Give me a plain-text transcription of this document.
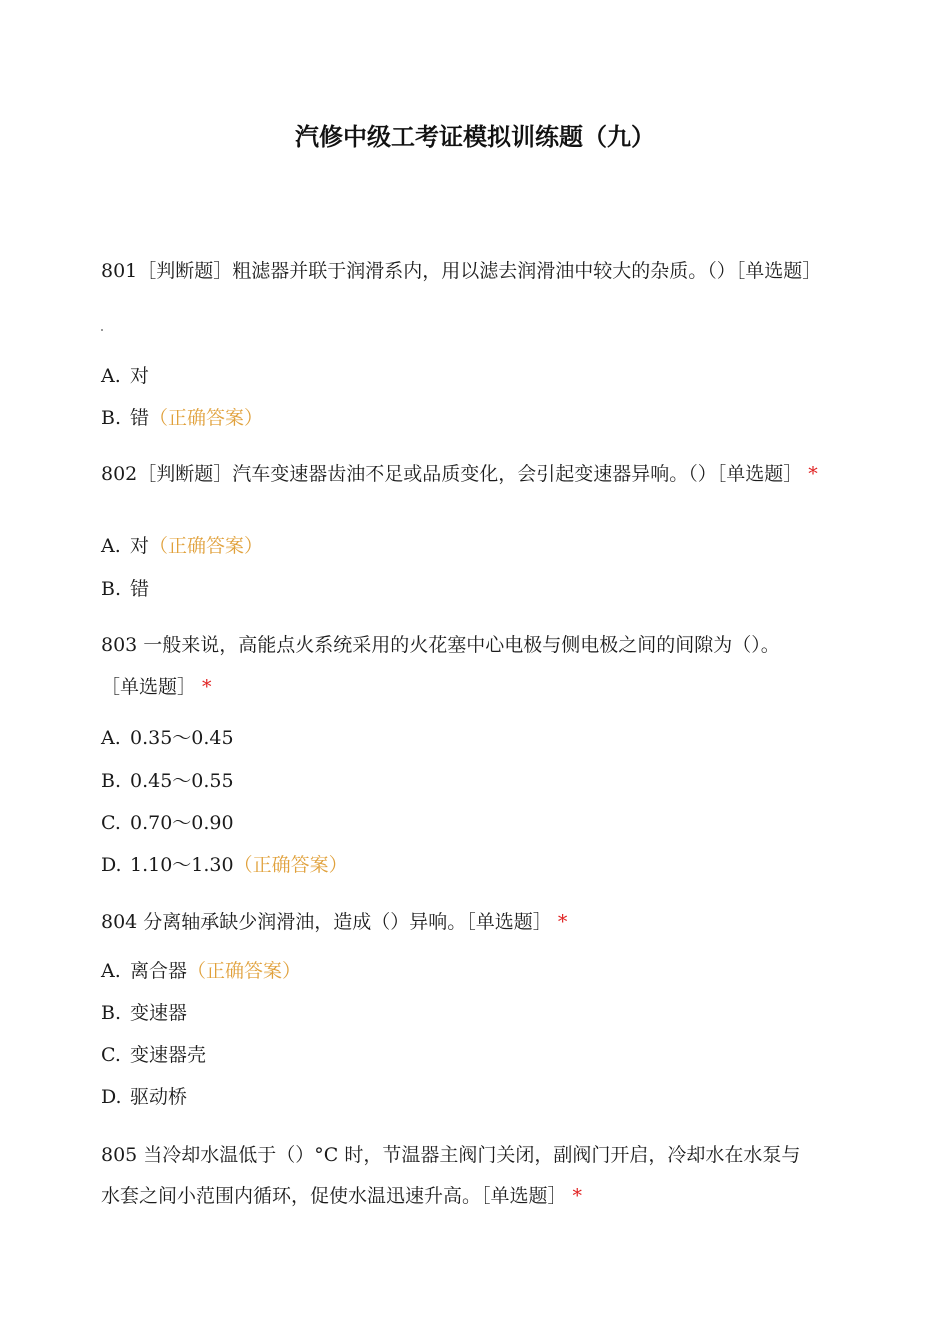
汽修中级工考证模拟训练题（九）
801［判断题］粗滤器并联于润滑系内，用以滤去润滑油中较大的杂质。（）［单选题］
A. 对
B. 错（正确答案）
802［判断题］汽车变速器齿油不足或品质变化，会引起变速器异响。（）［单选题］ *
A. 对（正确答案）
B. 错
803 一般来说，高能点火系统采用的火花塞中心电极与侧电极之间的间隙为（）。
［单选题］ *
A. 0.35〜0.45
B. 0.45〜0.55
C. 0.70〜0.90
D. 1.10〜1.30（正确答案）
804 分离轴承缺少润滑油，造成（）异响。［单选题］ *
A. 离合器（正确答案）
B. 变速器
C. 变速器壳
D. 驱动桥
805 当冷却水温低于（）°C 时，节温器主阀门关闭，副阀门开启，冷却水在水泵与
水套之间小范围内循环，促使水温迅速升高。［单选题］ *
